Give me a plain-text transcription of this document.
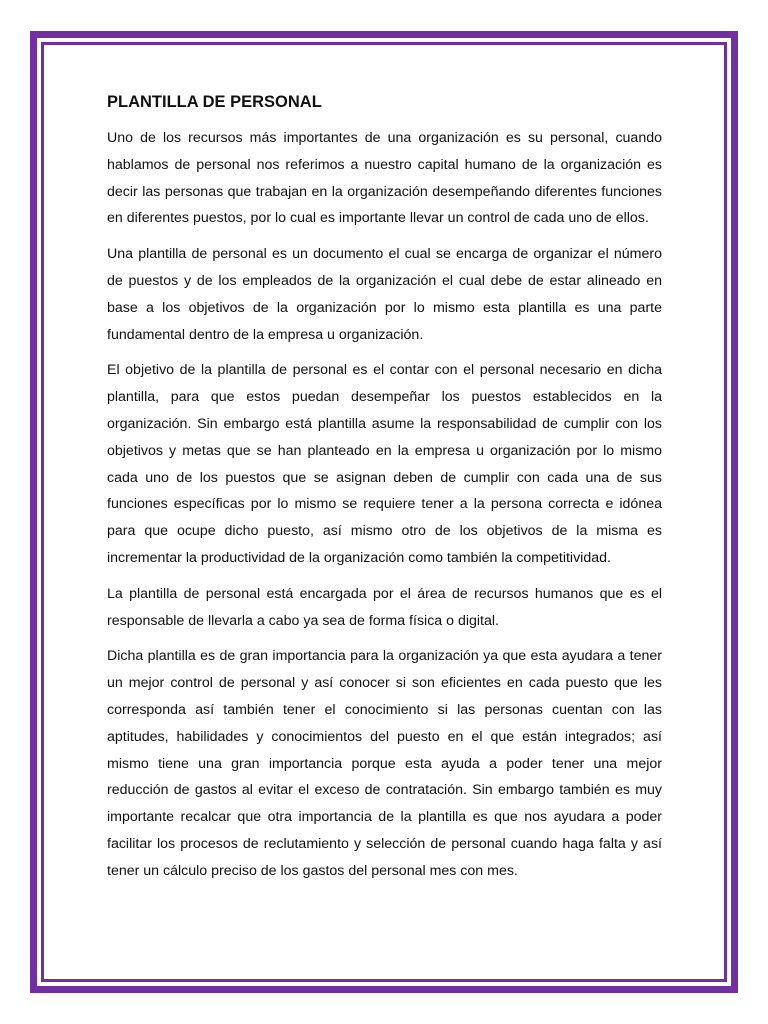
PLANTILLA DE PERSONAL

Uno de los recursos más importantes de una organización es su personal, cuando hablamos de personal nos referimos a nuestro capital humano de la organización es decir las personas que trabajan en la organización desempeñando diferentes funciones en diferentes puestos, por lo cual es importante llevar un control de cada uno de ellos.

Una plantilla de personal es un documento el cual se encarga de organizar el número de puestos y de los empleados de la organización el cual debe de estar alineado en base a los objetivos de la organización por lo mismo esta plantilla es una parte fundamental dentro de la empresa u organización.

El objetivo de la plantilla de personal es el contar con el personal necesario en dicha plantilla, para que estos puedan desempeñar los puestos establecidos en la organización. Sin embargo está plantilla asume la responsabilidad de cumplir con los objetivos y metas que se han planteado en la empresa u organización por lo mismo cada uno de los puestos que se asignan deben de cumplir con cada una de sus funciones específicas por lo mismo se requiere tener a la persona correcta e idónea para que ocupe dicho puesto, así mismo otro de los objetivos de la misma es incrementar la productividad de la organización como también la competitividad.

La plantilla de personal está encargada por el área de recursos humanos que es el responsable de llevarla a cabo ya sea de forma física o digital.

Dicha plantilla es de gran importancia para la organización ya que esta ayudara a tener un mejor control de personal y así conocer si son eficientes en cada puesto que les corresponda así también tener el conocimiento si las personas cuentan con las aptitudes, habilidades y conocimientos del puesto en el que están integrados; así mismo tiene una gran importancia porque esta ayuda a poder tener una mejor reducción de gastos al evitar el exceso de contratación. Sin embargo también es muy importante recalcar que otra importancia de la plantilla es que nos ayudara a poder facilitar los procesos de reclutamiento y selección de personal cuando haga falta y así tener un cálculo preciso de los gastos del personal mes con mes.
